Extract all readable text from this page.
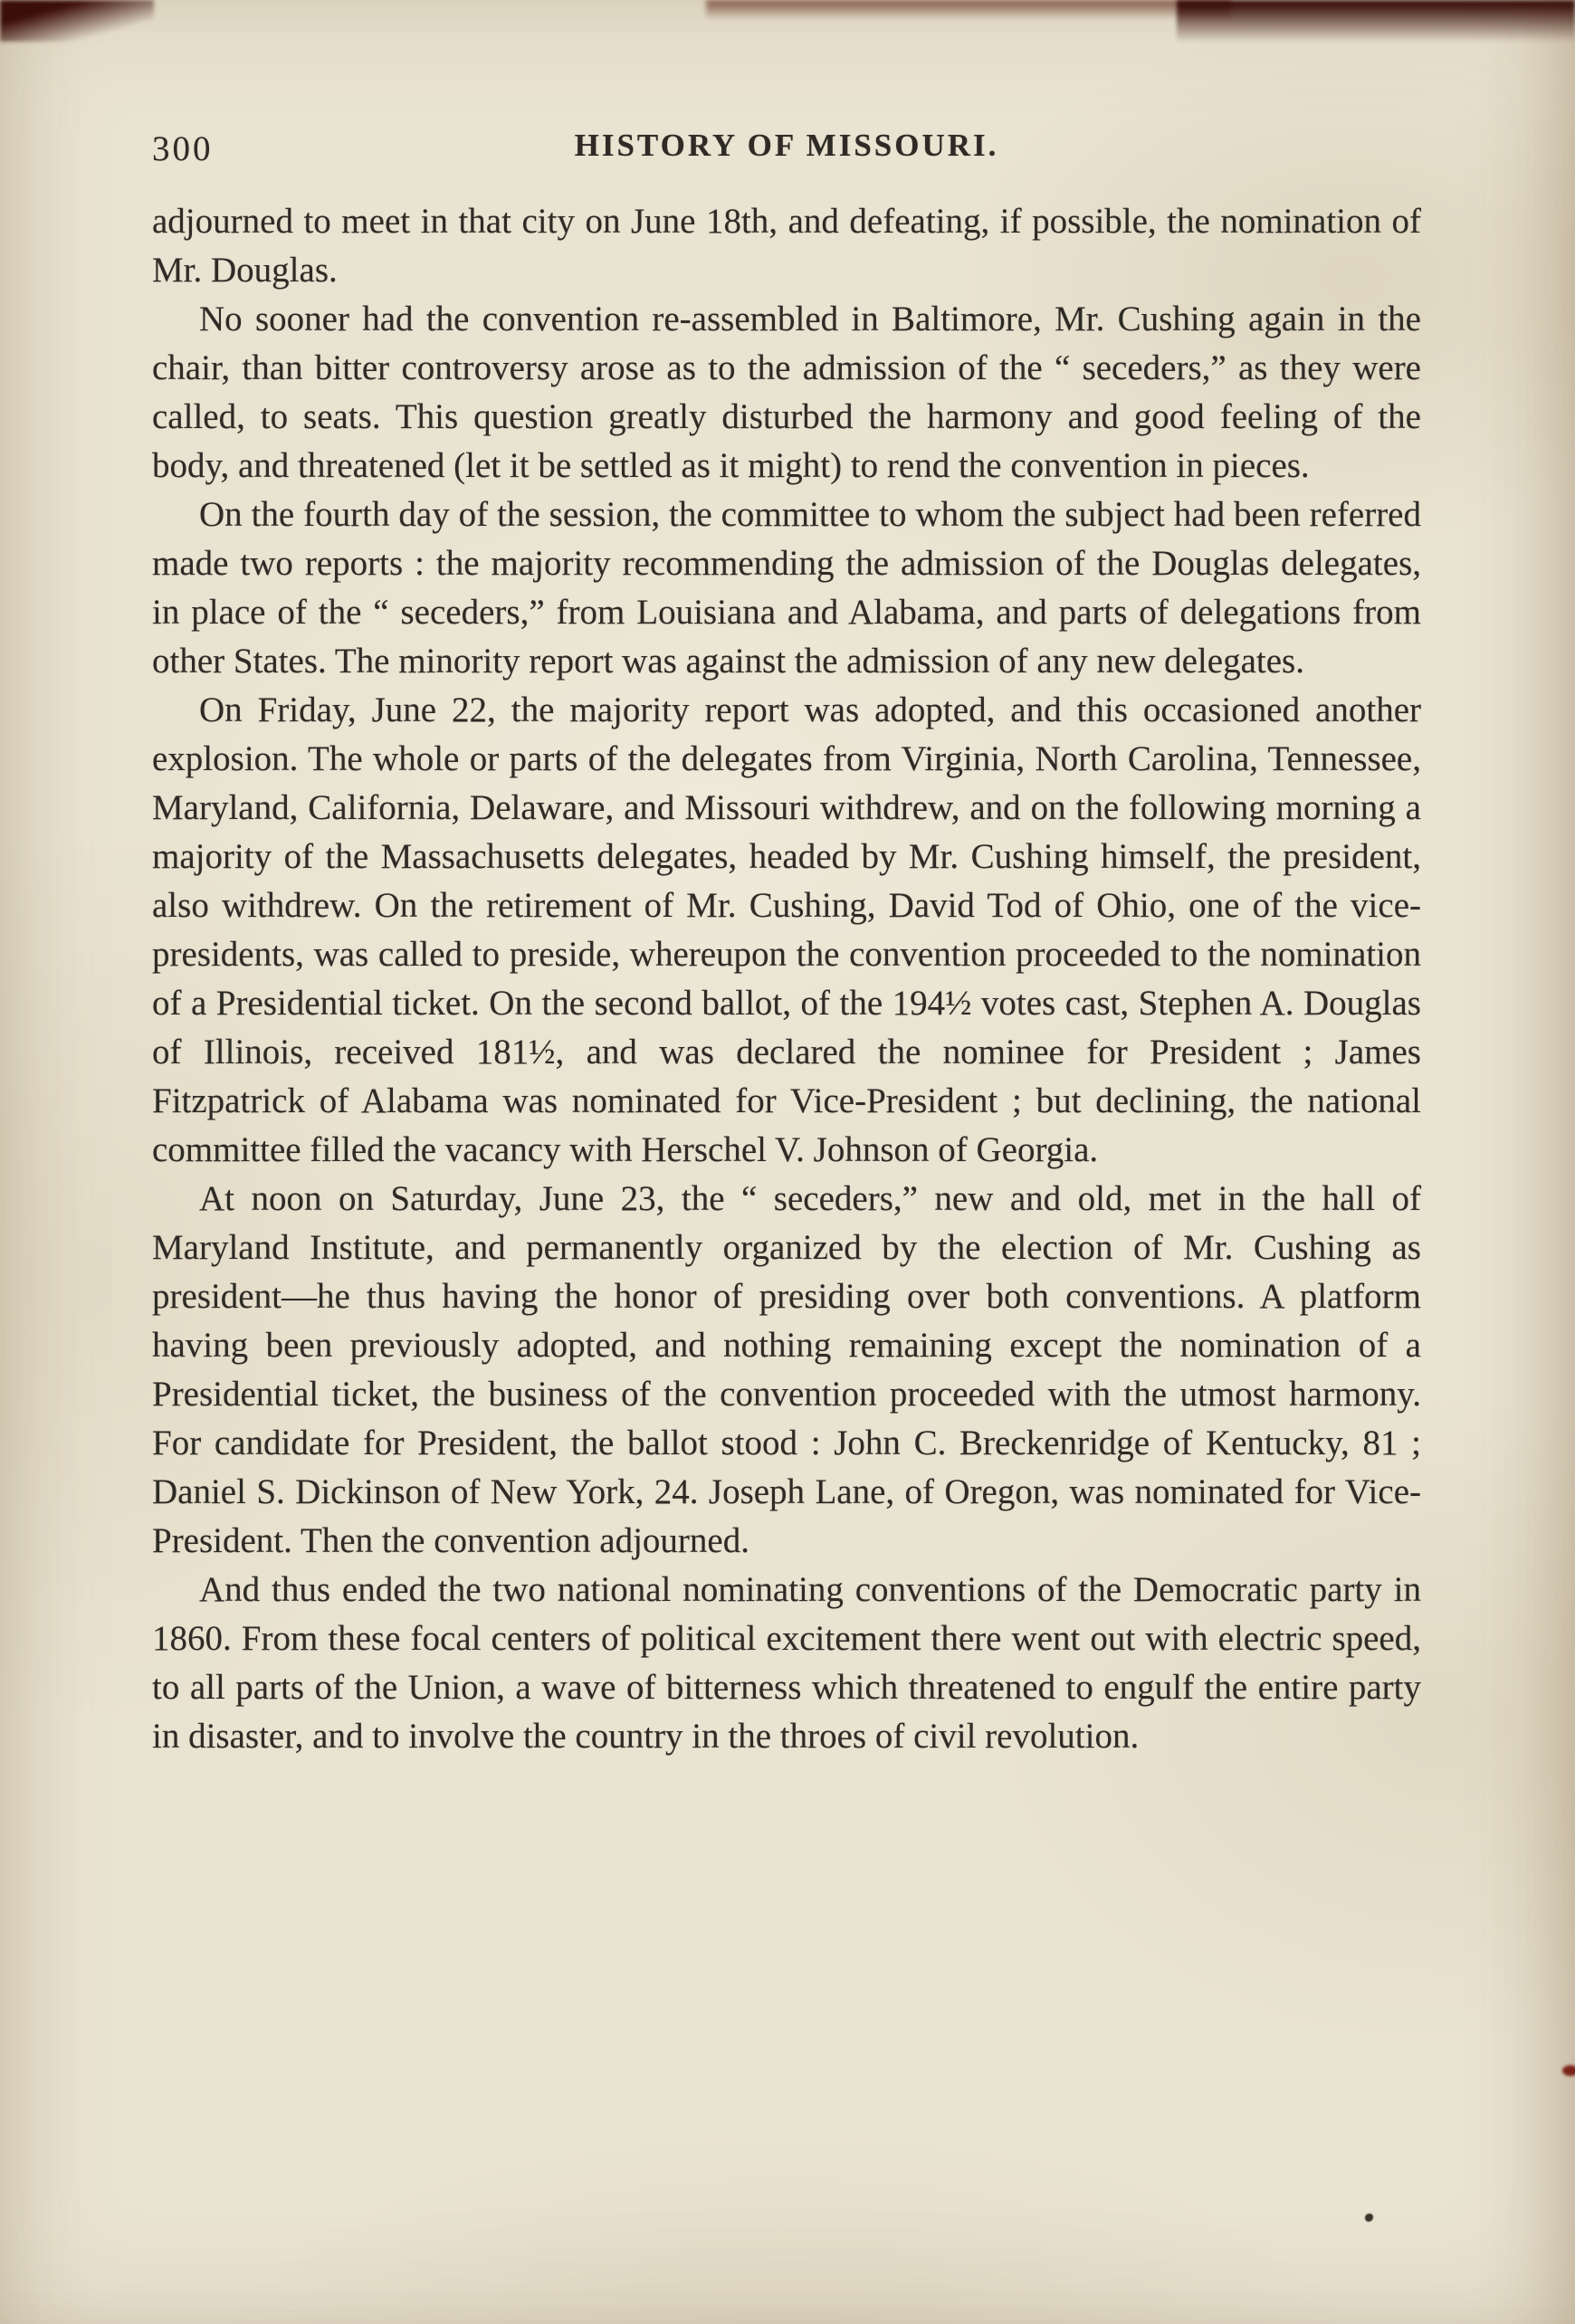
300	HISTORY OF MISSOURI.

adjourned to meet in that city on June 18th, and defeating, if possible, the nomination of Mr. Douglas.

No sooner had the convention re-assembled in Baltimore, Mr. Cushing again in the chair, than bitter controversy arose as to the admission of the “ seceders,” as they were called, to seats. This question greatly disturbed the harmony and good feeling of the body, and threatened (let it be settled as it might) to rend the convention in pieces.

On the fourth day of the session, the committee to whom the subject had been referred made two reports : the majority recommending the admission of the Douglas delegates, in place of the “ seceders,” from Louisiana and Alabama, and parts of delegations from other States. The minority report was against the admission of any new delegates.

On Friday, June 22, the majority report was adopted, and this occasioned another explosion. The whole or parts of the delegates from Virginia, North Carolina, Tennessee, Maryland, California, Delaware, and Missouri withdrew, and on the following morning a majority of the Massachusetts delegates, headed by Mr. Cushing himself, the president, also withdrew. On the retirement of Mr. Cushing, David Tod of Ohio, one of the vice-presidents, was called to preside, whereupon the convention proceeded to the nomination of a Presidential ticket. On the second ballot, of the 194½ votes cast, Stephen A. Douglas of Illinois, received 181½, and was declared the nominee for President ; James Fitzpatrick of Alabama was nominated for Vice-President ; but declining, the national committee filled the vacancy with Herschel V. Johnson of Georgia.

At noon on Saturday, June 23, the “ seceders,” new and old, met in the hall of Maryland Institute, and permanently organized by the election of Mr. Cushing as president—he thus having the honor of presiding over both conventions. A platform having been previously adopted, and nothing remaining except the nomination of a Presidential ticket, the business of the convention proceeded with the utmost harmony. For candidate for President, the ballot stood : John C. Breckenridge of Kentucky, 81 ; Daniel S. Dickinson of New York, 24. Joseph Lane, of Oregon, was nominated for Vice-President. Then the convention adjourned.

And thus ended the two national nominating conventions of the Democratic party in 1860. From these focal centers of political excitement there went out with electric speed, to all parts of the Union, a wave of bitterness which threatened to engulf the entire party in disaster, and to involve the country in the throes of civil revolution.
